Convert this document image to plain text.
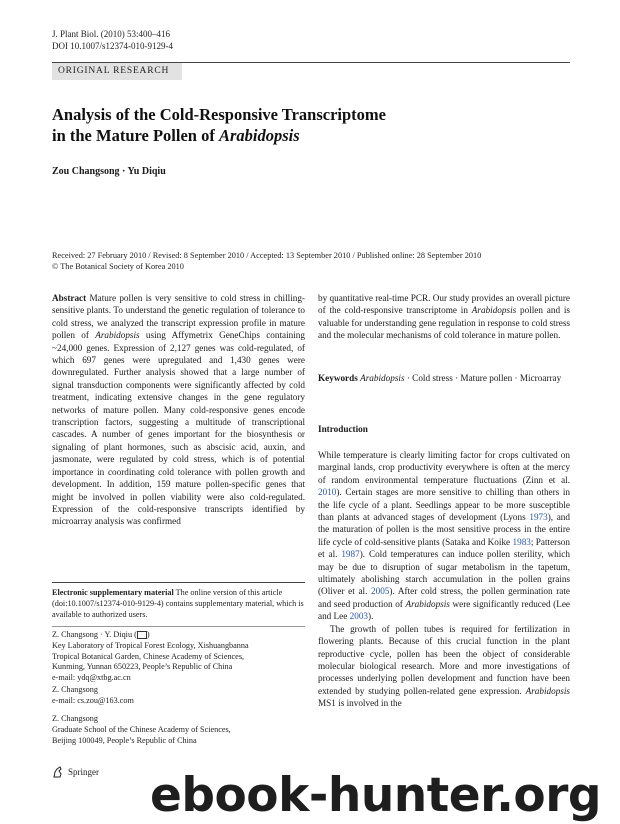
J. Plant Biol. (2010) 53:400–416
DOI 10.1007/s12374-010-9129-4
ORIGINAL RESEARCH
Analysis of the Cold-Responsive Transcriptome
in the Mature Pollen of Arabidopsis
Zou Changsong · Yu Diqiu
Received: 27 February 2010 / Revised: 8 September 2010 / Accepted: 13 September 2010 / Published online: 28 September 2010
© The Botanical Society of Korea 2010

Abstract Mature pollen is very sensitive to cold stress in chilling-sensitive plants. To understand the genetic regulation of tolerance to cold stress, we analyzed the transcript expression profile in mature pollen of Arabidopsis using Affymetrix GeneChips containing ~24,000 genes. Expression of 2,127 genes was cold-regulated, of which 697 genes were upregulated and 1,430 genes were downregulated. Further analysis showed that a large number of signal transduction components were significantly affected by cold treatment, indicating extensive changes in the gene regulatory networks of mature pollen. Many cold-responsive genes encode transcription factors, suggesting a multitude of transcriptional cascades. A number of genes important for the biosynthesis or signaling of plant hormones, such as abscisic acid, auxin, and jasmonate, were regulated by cold stress, which is of potential importance in coordinating cold tolerance with pollen growth and development. In addition, 159 mature pollen-specific genes that might be involved in pollen viability were also cold-regulated. Expression of the cold-responsive transcripts identified by microarray analysis was confirmed

Electronic supplementary material The online version of this article (doi:10.1007/s12374-010-9129-4) contains supplementary material, which is available to authorized users.
Z. Changsong · Y. Diqiu ( )
Key Laboratory of Tropical Forest Ecology, Xishuangbanna
Tropical Botanical Garden, Chinese Academy of Sciences,
Kunming, Yunnan 650223, People’s Republic of China
e-mail: ydq@xtbg.ac.cn
Z. Changsong
e-mail: cs.zou@163.com
Z. Changsong
Graduate School of the Chinese Academy of Sciences,
Beijing 100049, People’s Republic of China

by quantitative real-time PCR. Our study provides an overall picture of the cold-responsive transcriptome in Arabidopsis pollen and is valuable for understanding gene regulation in response to cold stress and the molecular mechanisms of cold tolerance in mature pollen.

Keywords Arabidopsis · Cold stress · Mature pollen · Microarray
Introduction

While temperature is clearly limiting factor for crops cultivated on marginal lands, crop productivity everywhere is often at the mercy of random environmental temperature fluctuations (Zinn et al. 2010). Certain stages are more sensitive to chilling than others in the life cycle of a plant. Seedlings appear to be more susceptible than plants at advanced stages of development (Lyons 1973), and the maturation of pollen is the most sensitive process in the entire life cycle of cold-sensitive plants (Sataka and Koike 1983; Patterson et al. 1987). Cold temperatures can induce pollen sterility, which may be due to disruption of sugar metabolism in the tapetum, ultimately abolishing starch accumulation in the pollen grains (Oliver et al. 2005). After cold stress, the pollen germination rate and seed production of Arabidopsis were significantly reduced (Lee and Lee 2003).

The growth of pollen tubes is required for fertilization in flowering plants. Because of this crucial function in the plant reproductive cycle, pollen has been the object of considerable molecular biological research. More and more investigations of processes underlying pollen development and function have been extended by studying pollen-related gene expression. Arabidopsis MS1 is involved in the

Springer ebook-hunter.org
